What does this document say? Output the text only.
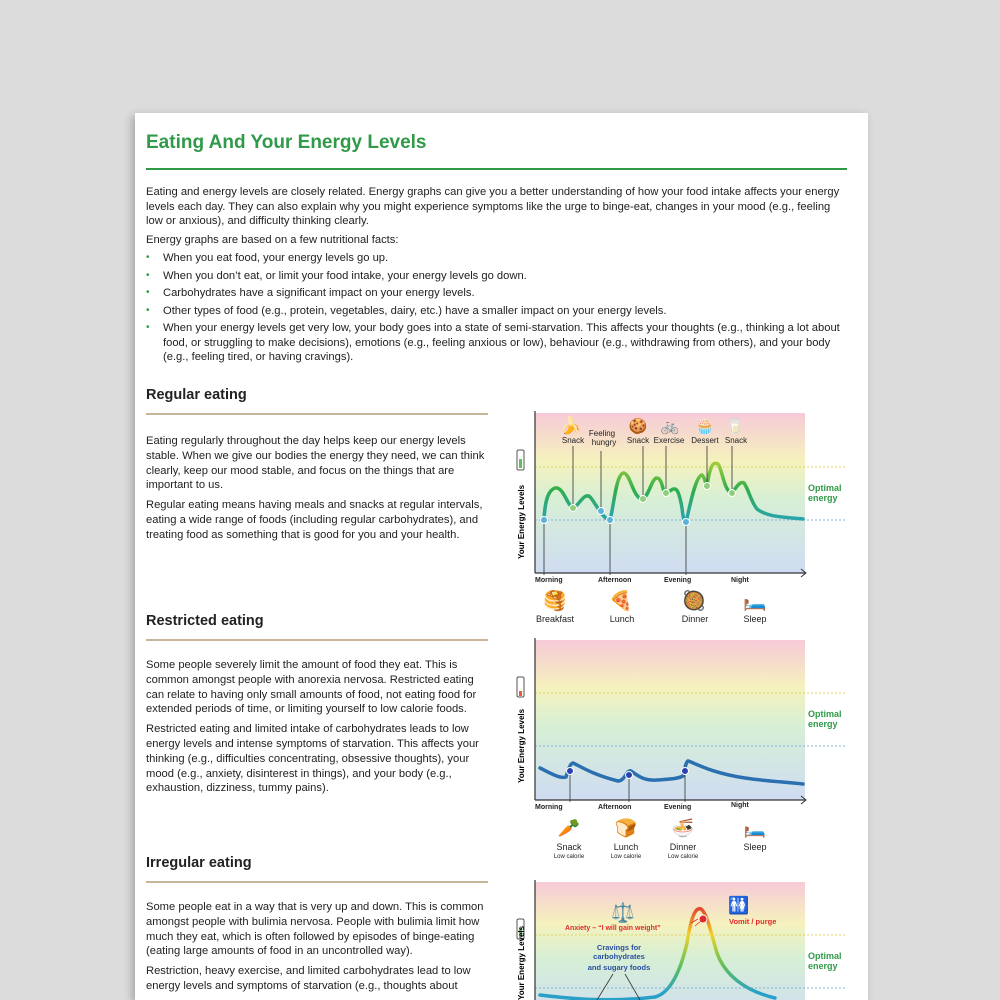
Eating And Your Energy Levels

Eating and energy levels are closely related. Energy graphs can give you a better understanding of how your food intake affects your energy levels each day. They can also explain why you might experience symptoms like the urge to binge-eat, changes in your mood (e.g., feeling low or anxious), and difficulty thinking clearly.

Energy graphs are based on a few nutritional facts:

• When you eat food, your energy levels go up.
• When you don’t eat, or limit your food intake, your energy levels go down.
• Carbohydrates have a significant impact on your energy levels.
• Other types of food (e.g., protein, vegetables, dairy, etc.) have a smaller impact on your energy levels.
• When your energy levels get very low, your body goes into a state of semi-starvation. This affects your thoughts (e.g., thinking a lot about food, or struggling to make decisions), emotions (e.g., feeling anxious or low), behaviour (e.g., withdrawing from others), and your body (e.g., feeling tired, or having cravings).
Regular eating

Eating regularly throughout the day helps keep our energy levels stable. When we give our bodies the energy they need, we can think clearly, keep our mood stable, and focus on the things that are important to us.

Regular eating means having meals and snacks at regular intervals, eating a wide range of foods (including regular carbohydrates), and treating food as something that is good for you and your health.

Restricted eating

Some people severely limit the amount of food they eat. This is common amongst people with anorexia nervosa. Restricted eating can relate to having only small amounts of food, not eating food for extended periods of time, or limiting yourself to low calorie foods.

Restricted eating and limited intake of carbohydrates leads to low energy levels and intense symptoms of starvation. This affects your thinking (e.g., difficulties concentrating, obsessive thoughts), your mood (e.g., anxiety, disinterest in things), and your body (e.g., exhaustion, dizziness, tummy pains).

Irregular eating

Some people eat in a way that is very up and down. This is common amongst people with bulimia nervosa. People with bulimia limit how much they eat, which is often followed by episodes of binge-eating (eating large amounts of food in an uncontrolled way).

Restriction, heavy exercise, and limited carbohydrates lead to low energy levels and symptoms of starvation (e.g., thoughts about

Your Energy Levels
🍌	🍪 🚲 🧁 🥛
Snack
Feeling
hungry Snack Exercise Dessert Snack
Morning	Afternoon	Evening	Night
Optimal
energy
🥞 🍕	🥘 🛏️
Breakfast	Lunch	Dinner	Sleep
Your Energy Levels
Morning	Afternoon	Evening	Night
Optimal
energy
🥕 🍞 🍜	🛏️
Snack	Lunch	Dinner	Sleep
Low calorie	Low calorie	Low calorie
Your Energy Levels
⚖️	🚻
Anxiety – “I will gain weight”
Vomit / purge
Cravings for
carbohydrates
and sugary foods
Optimal
energy
